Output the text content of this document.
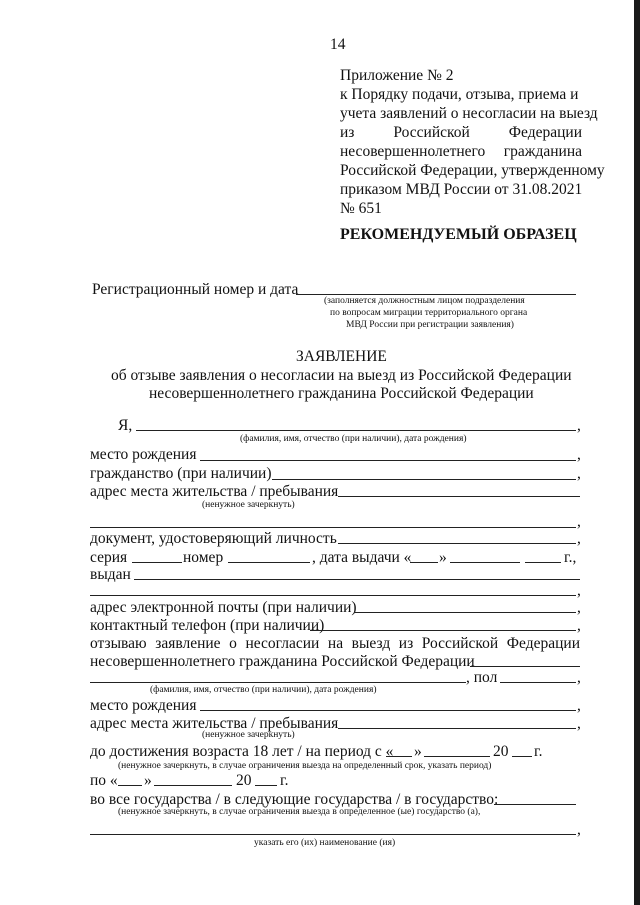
14
Приложение № 2
к Порядку подачи, отзыва, приема и
учета заявлений о несогласии на выезд
из	Российской	Федерации
несовершеннолетнего гражданина
Российской Федерации, утвержденному
приказом МВД России от 31.08.2021
№ 651
РЕКОМЕНДУЕМЫЙ ОБРАЗЕЦ
Регистрационный номер и дата
(заполняется должностным лицом подразделения
по вопросам миграции территориального органа
МВД России при регистрации заявления)
ЗАЯВЛЕНИЕ
об отзыве заявления о несогласии на выезд из Российской Федерации
несовершеннолетнего гражданина Российской Федерации
Я,	,
(фамилия, имя, отчество (при наличии), дата рождения)
место рождения	,
гражданство (при наличии)	,
адрес места жительства / пребывания
(ненужное зачеркнуть)
,
документ, удостоверяющий личность	,
серия	номер	, дата выдачи « »	г.,
выдан
,
адрес электронной почты (при наличии)	,
контактный телефон (при наличии)	,
отзываю заявление о несогласии на выезд из Российской Федерации
несовершеннолетнего гражданина Российской Федерации
, пол	,
(фамилия, имя, отчество (при наличии), дата рождения)
место рождения	,
адрес места жительства / пребывания	,
(ненужное зачеркнуть)
до достижения возраста 18 лет / на период с « »	20 г.
(ненужное зачеркнуть, в случае ограничения выезда на определенный срок, указать период)
по « »	20 г.
во все государства / в следующие государства / в государство:
(ненужное зачеркнуть, в случае ограничения выезда в определенное (ые) государство (а),
,
указать его (их) наименование (ия)
